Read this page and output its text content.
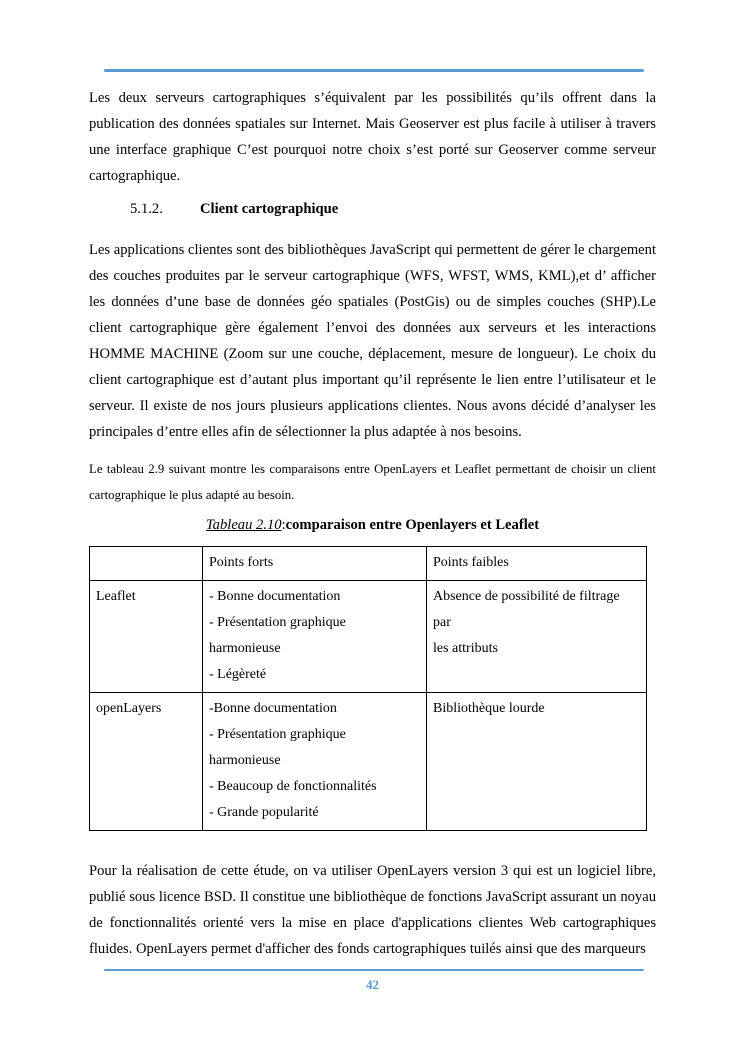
Les deux serveurs cartographiques s’équivalent par les possibilités qu’ils offrent dans la publication des données spatiales sur Internet. Mais Geoserver est plus facile à utiliser à travers une interface graphique C’est pourquoi notre choix s’est porté sur Geoserver comme serveur cartographique.

5.1.2.	Client cartographique

Les applications clientes sont des bibliothèques JavaScript qui permettent de gérer le chargement des couches produites par le serveur cartographique (WFS, WFST, WMS, KML),et d’ afficher les données d’une base de données géo spatiales (PostGis) ou de simples couches (SHP).Le client cartographique gère également l’envoi des données aux serveurs et les interactions HOMME MACHINE (Zoom sur une couche, déplacement, mesure de longueur). Le choix du client cartographique est d’autant plus important qu’il représente le lien entre l’utilisateur et le serveur. Il existe de nos jours plusieurs applications clientes. Nous avons décidé d’analyser les principales d’entre elles afin de sélectionner la plus adaptée à nos besoins.

Le tableau 2.9 suivant montre les comparaisons entre OpenLayers et Leaflet permettant de choisir un client cartographique le plus adapté au besoin.

Tableau 2.10:comparaison entre Openlayers et Leaflet
	Points forts	Points faibles
Leaflet	- Bonne documentation
- Présentation graphique
harmonieuse
- Légèreté	Absence de possibilité de filtrage
par
les attributs

openLayers	-Bonne documentation
- Présentation graphique
harmonieuse
- Beaucoup de fonctionnalités
- Grande popularité	Bibliothèque lourde

Pour la réalisation de cette étude, on va utiliser OpenLayers version 3 qui est un logiciel libre, publié sous licence BSD. Il constitue une bibliothèque de fonctions JavaScript assurant un noyau de fonctionnalités orienté vers la mise en place d'applications clientes Web cartographiques fluides. OpenLayers permet d'afficher des fonds cartographiques tuilés ainsi que des marqueurs

42
